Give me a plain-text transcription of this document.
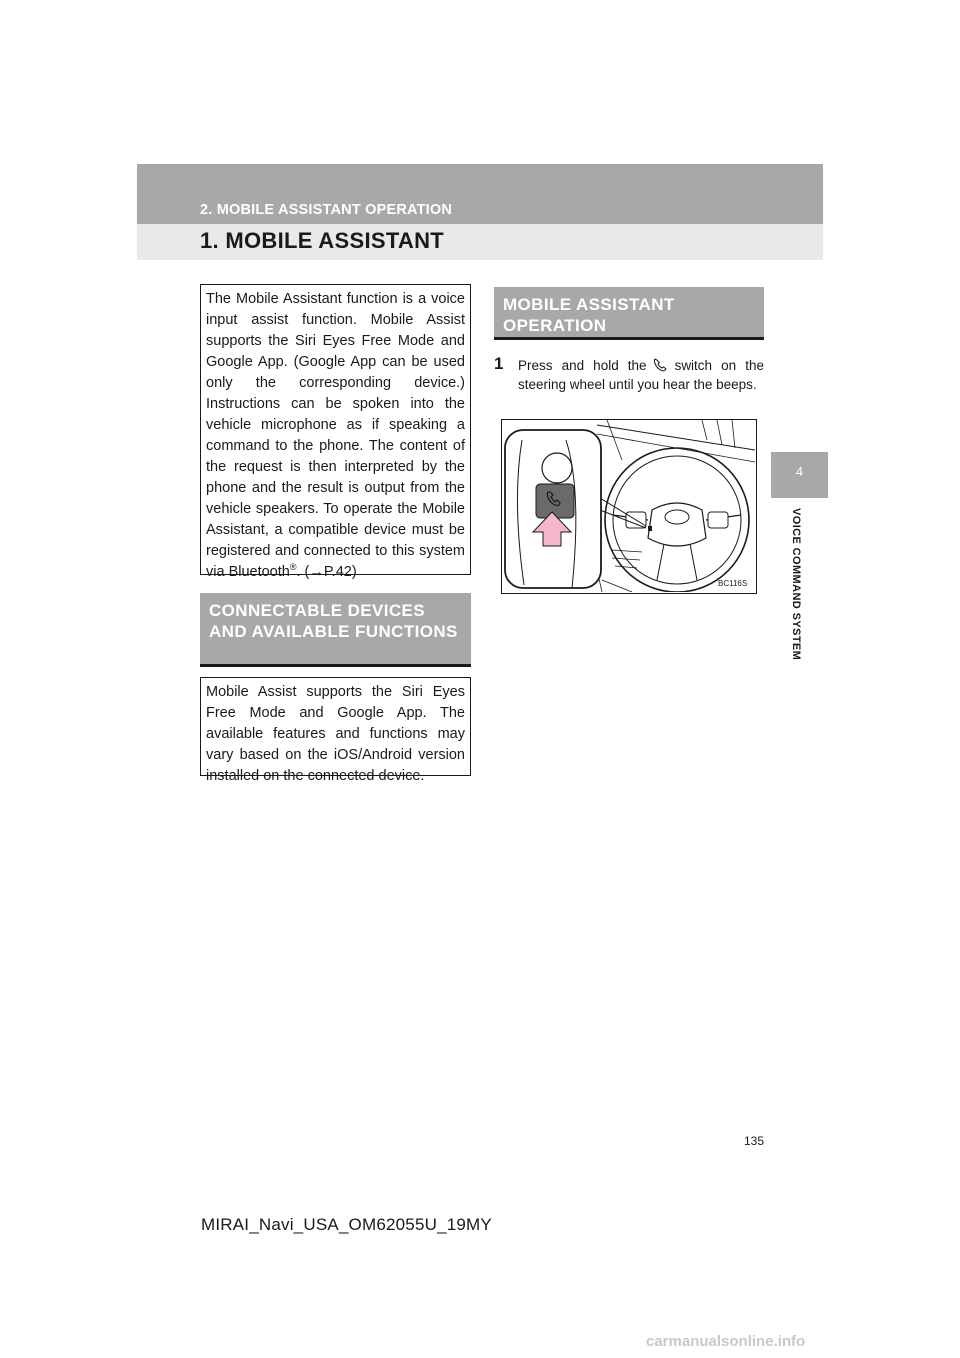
2. MOBILE ASSISTANT OPERATION
1. MOBILE ASSISTANT
4
VOICE COMMAND SYSTEM
The Mobile Assistant function is a voice input assist function. Mobile Assist supports the Siri Eyes Free Mode and Google App. (Google App can be used only the corresponding device.) Instructions can be spoken into the vehicle microphone as if speaking a command to the phone. The content of the request is then interpreted by the phone and the result is output from the vehicle speakers. To operate the Mobile Assistant, a compatible device must be registered and connected to this system via Bluetooth®. (→P.42)
CONNECTABLE DEVICES AND AVAILABLE FUNCTIONS
Mobile Assist supports the Siri Eyes Free Mode and Google App. The available features and functions may vary based on the iOS/Android version installed on the connected device.
MOBILE ASSISTANT OPERATION
1 Press and hold the switch on the steering wheel until you hear the beeps.
BC116S
135
MIRAI_Navi_USA_OM62055U_19MY
carmanualsonline.info
